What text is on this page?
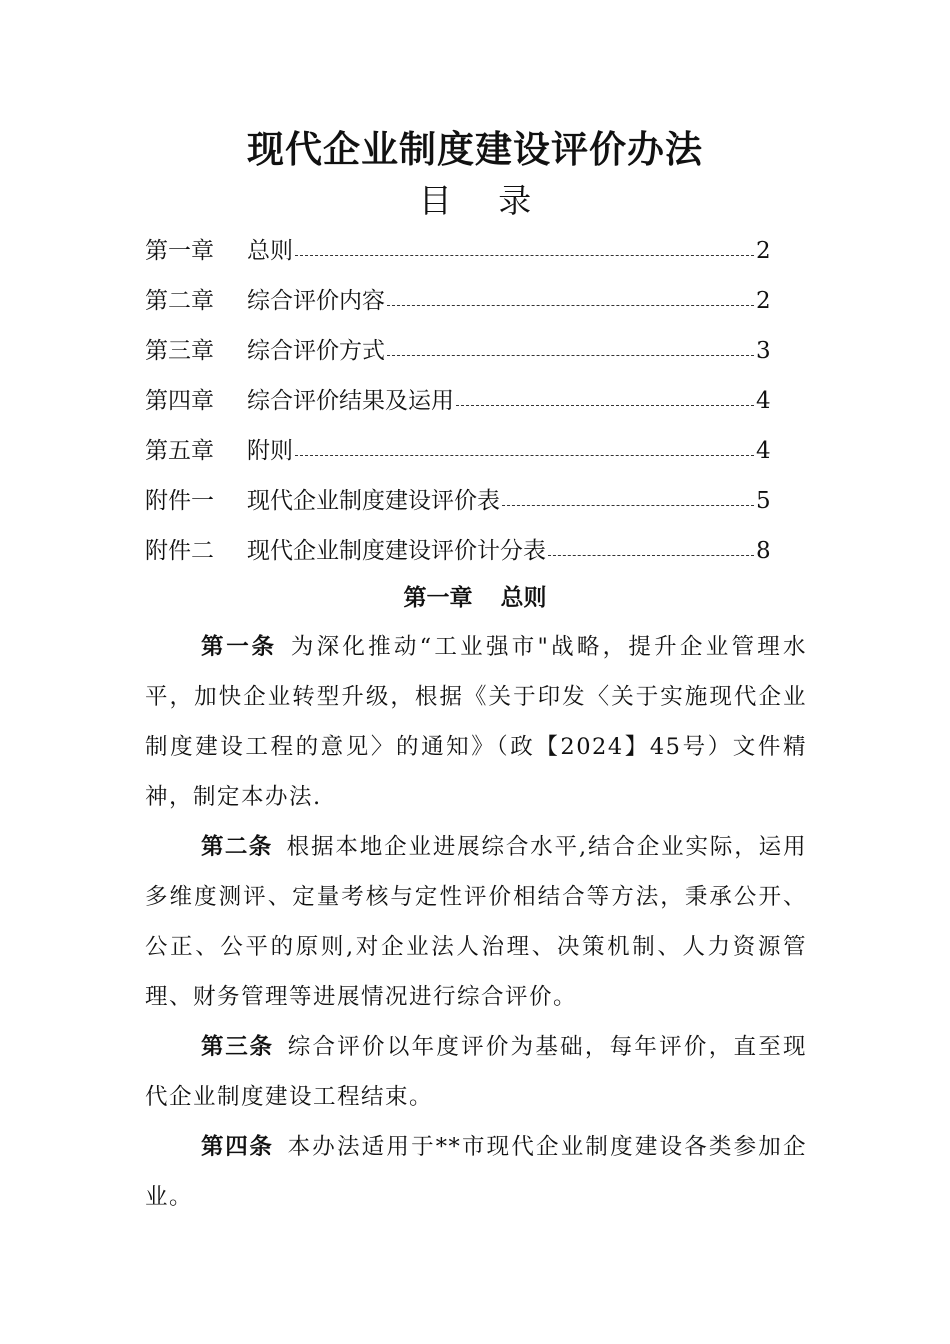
现代企业制度建设评价办法
目 录
第一章	总则	2
第二章	综合评价内容	2
第三章	综合评价方式	3
第四章	综合评价结果及运用	4
第五章	附则	4
附件一	现代企业制度建设评价表	5
附件二	现代企业制度建设评价计分表	8
第一章 总则

第一条 为深化推动“工业强市"战略，提升企业管理水平，加快企业转型升级，根据《关于印发〈关于实施现代企业制度建设工程的意见〉的通知》（政【2024】45号）文件精神，制定本办法.

第二条 根据本地企业进展综合水平,结合企业实际，运用多维度测评、定量考核与定性评价相结合等方法，秉承公开、公正、公平的原则,对企业法人治理、决策机制、人力资源管理、财务管理等进展情况进行综合评价。

第三条 综合评价以年度评价为基础，每年评价，直至现代企业制度建设工程结束。

第四条 本办法适用于**市现代企业制度建设各类参加企业。
